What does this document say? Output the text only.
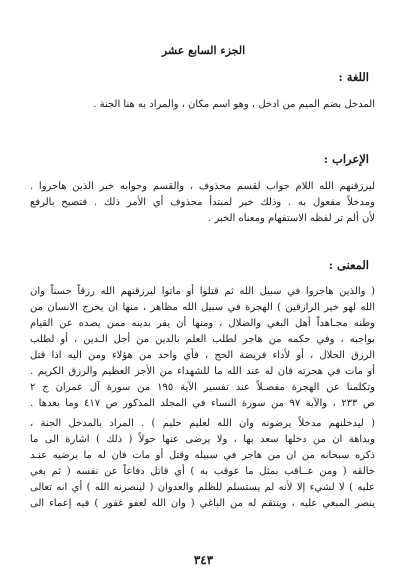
الجزء السابع عشر
اللغة :
المدخل بضم الميم من ادخل ، وهو اسم مكان ، والمراد به هنا الجنة .
الإعراب :
ليرزقنهم الله اللام جواب لقسم محذوف ، والقسم وجوابه خبر الذين هاجروا .
ومدخلاً مفعول به . وذلك خبر لمبتدأ محذوف أي الأمر ذلك . فتصبح بالرفع
لأن ألم تر لفظه الاستفهام ومعناه الخبر .
المعنى :
( والذين هاجروا في سبيل الله ثم قتلوا أو ماتوا ليرزقنهم الله رزقاً حسناً وان
الله لهو خير الرازقين ) الهجرة في سبيل الله مظاهر ، منها ان يخرج الانسان من
وطنه مجـاهداً أهل البغي والضلال ، ومنها أن يفر بدينه ممن يصده عن القيام
بواجبه ، وفي حكمه من هاجر لطلب العلم بالدين من أجل الـدين ، أو لطلب
الرزق الحلال ، أو لأداء فريضة الحج ، فأي واحد من هؤلاء ومن اليه اذا قتل
أو مات في هجرته فان له عند الله ما للشهداء من الأجر العظيم والرزق الكريم .
وتكلمنا عن الهجرة مفصـلاً عند تفسير الآية ١٩٥ من سورة آل عمران ج ٢
ص ٢٣٣ ، والآية ٩٧ من سورة النساء في المجلد المذكور ص ٤١٧ وما بعدها .
( ليدخلنهم مدخلاً يرضونه وان الله لعليم حليم ) . المراد بالمدخل الجنة ،
وبداهة ان من دخلها سعد بها ، ولا يرضى عنها حولاً ( ذلك ) اشارة الى ما
ذكره سبحانه من ان من هاجر في سبيله وقتل أو مات فان له ما يرضيه عنـد
خالقه ( ومن عــاقب بمثل ما عوقب به ) أي قاتل دفاعاً عن نفسه ( ثم بغي
عليه ) لا لشيء إلا لأنه لم يستسلم للظلم والعدوان ( لينصرنه الله ) أي انه تعالى
ينصر المبغي عليه ، وينتقم له من الباغي ( وان الله لعفو غفور ) فيه إعماء الى
٣٤٣
